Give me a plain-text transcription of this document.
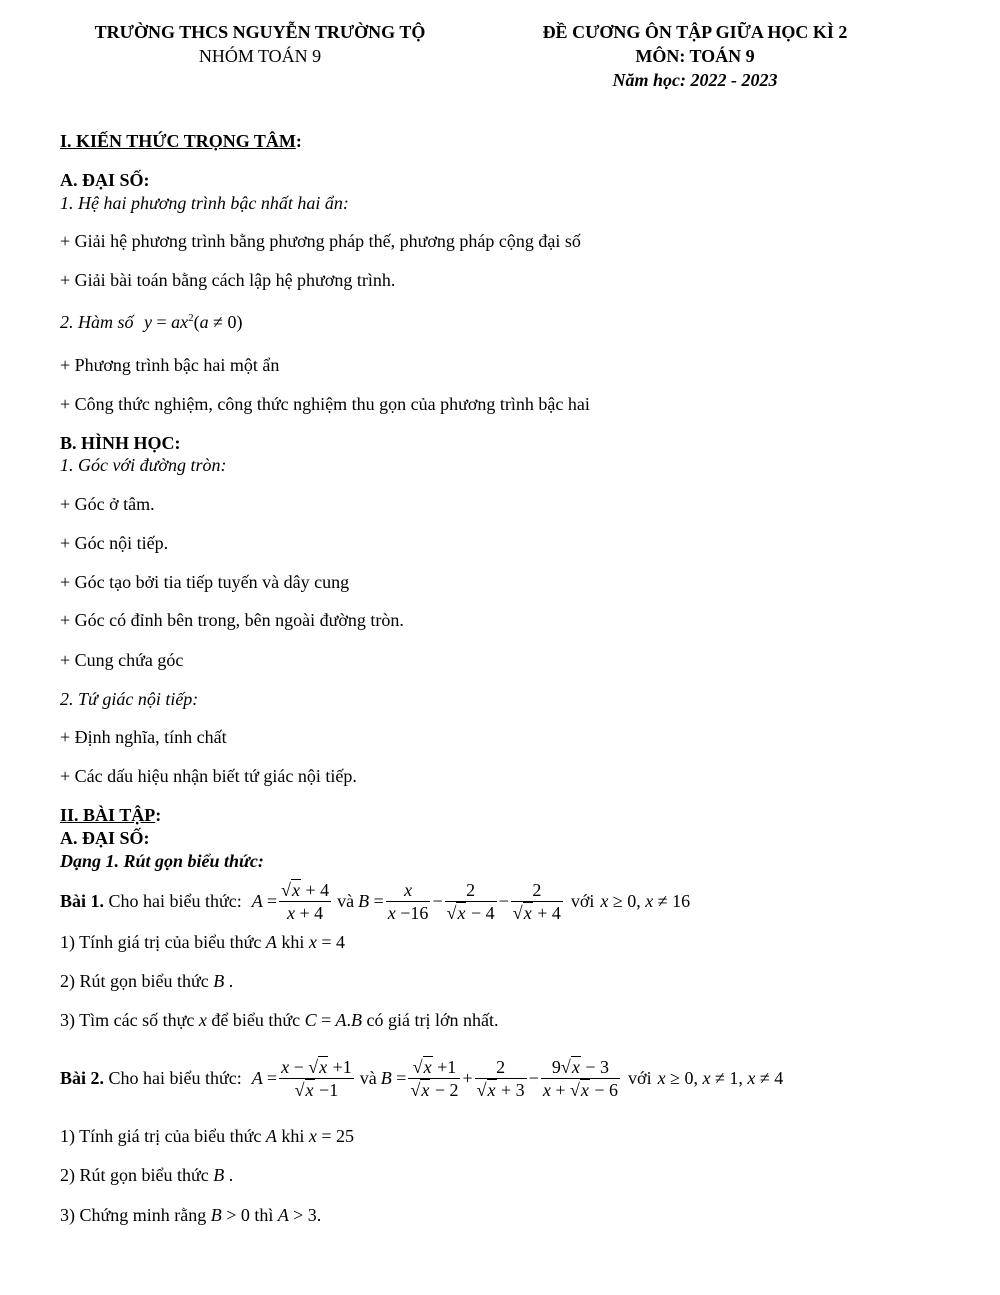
TRƯỜNG THCS NGUYỄN TRƯỜNG TỘ
NHÓM TOÁN 9
ĐỀ CƯƠNG ÔN TẬP GIỮA HỌC KÌ 2
MÔN: TOÁN 9
Năm học: 2022 - 2023
I. KIẾN THỨC TRỌNG TÂM:
A. ĐẠI SỐ:
1. Hệ hai phương trình bậc nhất hai ẩn:
+ Giải hệ phương trình bằng phương pháp thế, phương pháp cộng đại số
+ Giải bài toán bằng cách lập hệ phương trình.
2. Hàm số $y = ax^2(a \ne 0)$
+ Phương trình bậc hai một ẩn
+ Công thức nghiệm, công thức nghiệm thu gọn của phương trình bậc hai
B. HÌNH HỌC:
1. Góc với đường tròn:
+ Góc ở tâm.
+ Góc nội tiếp.
+ Góc tạo bởi tia tiếp tuyến và dây cung
+ Góc có đỉnh bên trong, bên ngoài đường tròn.
+ Cung chứa góc
2. Tứ giác nội tiếp:
+ Định nghĩa, tính chất
+ Các dấu hiệu nhận biết tứ giác nội tiếp.
II. BÀI TẬP:
A. ĐẠI SỐ:
Dạng 1. Rút gọn biểu thức:
Bài 1.
Cho hai biểu thức: $A = \frac{√x + 4}{x + 4}$ và $B = \frac{x}{x -16} - \frac{2}{√x - 4} - \frac{2}{√x + 4}$ với x ≥ 0, x ≠ 16
1) Tính giá trị của biểu thức A khi x = 4
2) Rút gọn biểu thức B .
3) Tìm các số thực x để biểu thức C = A.B có giá trị lớn nhất.
Bài 2.
Cho hai biểu thức: $A = \frac{x - √x +1}{√x -1}$ và $B = \frac{√x +1}{√x - 2} + \frac{2}{√x + 3} - \frac{9√x - 3}{x + √x - 6}$ với x ≥ 0, x ≠ 1, x ≠ 4
1) Tính giá trị của biểu thức A khi x = 25
2) Rút gọn biểu thức B .
3) Chứng minh rằng B > 0 thì A > 3.
